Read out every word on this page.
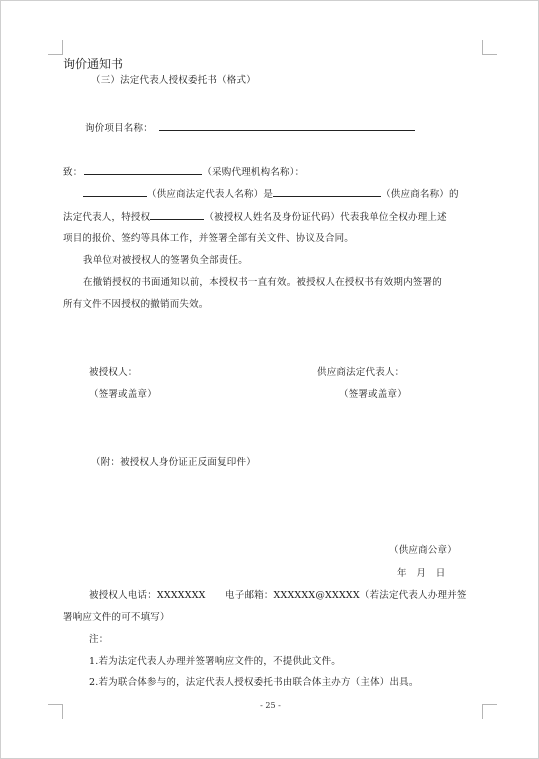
询价通知书
（三）法定代表人授权委托书（格式）
询价项目名称：
致：	（采购代理机构名称）：
（供应商法定代表人名称）是	（供应商名称）的
法定代表人，特授权	（被授权人姓名及身份证代码）代表我单位全权办理上述
项目的报价、签约等具体工作，并签署全部有关文件、协议及合同。
我单位对被授权人的签署负全部责任。
在撤销授权的书面通知以前，本授权书一直有效。被授权人在授权书有效期内签署的
所有文件不因授权的撤销而失效。
被授权人：	供应商法定代表人：
（签署或盖章）	（签署或盖章）
（附：被授权人身份证正反面复印件）
（供应商公章）
年　月　日
被授权人电话：XXXXXXX　　电子邮箱：XXXXXX@XXXXX（若法定代表人办理并签
署响应文件的可不填写）
注：
1.若为法定代表人办理并签署响应文件的，不提供此文件。
2.若为联合体参与的，法定代表人授权委托书由联合体主办方（主体）出具。
- 25 -
